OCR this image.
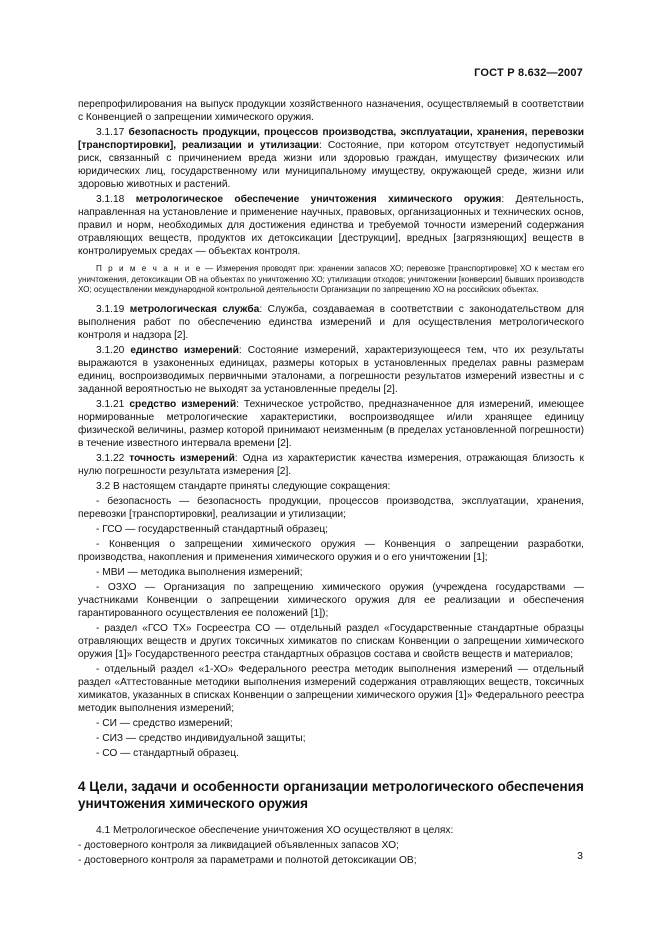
ГОСТ Р 8.632—2007

перепрофилирования на выпуск продукции хозяйственного назначения, осуществляемый в соответствии с Конвенцией о запрещении химического оружия.

3.1.17 безопасность продукции, процессов производства, эксплуатации, хранения, перевозки [транспортировки], реализации и утилизации: Состояние, при котором отсутствует недопустимый риск, связанный с причинением вреда жизни или здоровью граждан, имуществу физических или юридических лиц, государственному или муниципальному имуществу, окружающей среде, жизни или здоровью животных и растений.

3.1.18 метрологическое обеспечение уничтожения химического оружия: Деятельность, направленная на установление и применение научных, правовых, организационных и технических основ, правил и норм, необходимых для достижения единства и требуемой точности измерений содержания отравляющих веществ, продуктов их детоксикации [деструкции], вредных [загрязняющих] веществ в контролируемых средах — объектах контроля.

П р и м е ч а н и е — Измерения проводят при: хранении запасов ХО; перевозке [транспортировке] ХО к местам его уничтожения, детоксикации ОВ на объектах по уничтожению ХО; утилизации отходов; уничтожении [конверсии] бывших производств ХО; осуществлении международной контрольной деятельности Организации по запрещению ХО на российских объектах.

3.1.19 метрологическая служба: Служба, создаваемая в соответствии с законодательством для выполнения работ по обеспечению единства измерений и для осуществления метрологического контроля и надзора [2].

3.1.20 единство измерений: Состояние измерений, характеризующееся тем, что их результаты выражаются в узаконенных единицах, размеры которых в установленных пределах равны размерам единиц, воспроизводимых первичными эталонами, а погрешности результатов измерений известны и с заданной вероятностью не выходят за установленные пределы [2].

3.1.21 средство измерений: Техническое устройство, предназначенное для измерений, имеющее нормированные метрологические характеристики, воспроизводящее и/или хранящее единицу физической величины, размер которой принимают неизменным (в пределах установленной погрешности) в течение известного интервала времени [2].

3.1.22 точность измерений: Одна из характеристик качества измерения, отражающая близость к нулю погрешности результата измерения [2].

3.2 В настоящем стандарте приняты следующие сокращения:

- безопасность — безопасность продукции, процессов производства, эксплуатации, хранения, перевозки [транспортировки], реализации и утилизации;

- ГСО — государственный стандартный образец;

- Конвенция о запрещении химического оружия — Конвенция о запрещении разработки, производства, накопления и применения химического оружия и о его уничтожении [1];

- МВИ — методика выполнения измерений;

- ОЗХО — Организация по запрещению химического оружия (учреждена государствами — участниками Конвенции о запрещении химического оружия для ее реализации и обеспечения гарантированного осуществления ее положений [1]);

- раздел «ГСО ТХ» Госреестра СО — отдельный раздел «Государственные стандартные образцы отравляющих веществ и других токсичных химикатов по спискам Конвенции о запрещении химического оружия [1]» Государственного реестра стандартных образцов состава и свойств веществ и материалов;

- отдельный раздел «1-ХО» Федерального реестра методик выполнения измерений — отдельный раздел «Аттестованные методики выполнения измерений содержания отравляющих веществ, токсичных химикатов, указанных в списках Конвенции о запрещении химического оружия [1]» Федерального реестра методик выполнения измерений;

- СИ — средство измерений;

- СИЗ — средство индивидуальной защиты;

- СО — стандартный образец.

4 Цели, задачи и особенности организации метрологического обеспечения уничтожения химического оружия

4.1 Метрологическое обеспечение уничтожения ХО осуществляют в целях:

- достоверного контроля за ликвидацией объявленных запасов ХО;

- достоверного контроля за параметрами и полнотой детоксикации ОВ;	3
